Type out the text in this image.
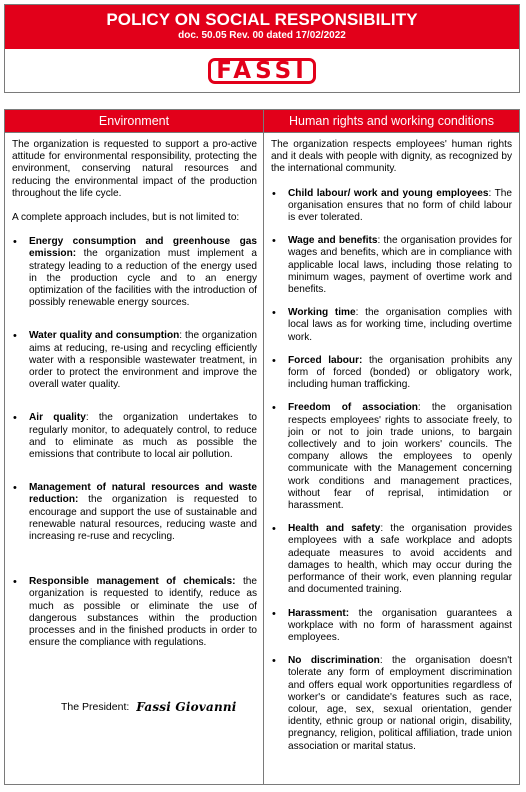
POLICY ON SOCIAL RESPONSIBILITY
doc. 50.05 Rev. 00 dated 17/02/2022
FASSI
Environment

The organization is requested to support a pro-active attitude for environmental responsibility, protecting the environment, conserving natural resources and reducing the environmental impact of the production throughout the life cycle.

A complete approach includes, but is not limited to:

• Energy consumption and greenhouse gas emission: the organization must implement a strategy leading to a reduction of the energy used in the production cycle and to an energy optimization of the facilities with the introduction of possibly renewable energy sources.
• Water quality and consumption: the organization aims at reducing, re-using and recycling efficiently water with a responsible wastewater treatment, in order to protect the environment and improve the overall water quality.
• Air quality: the organization undertakes to regularly monitor, to adequately control, to reduce and to eliminate as much as possible the emissions that contribute to local air pollution.
• Management of natural resources and waste reduction: the organization is requested to encourage and support the use of sustainable and renewable natural resources, reducing waste and increasing re-ruse and recycling.
• Responsible management of chemicals: the organization is requested to identify, reduce as much as possible or eliminate the use of dangerous substances within the production processes and in the finished products in order to ensure the compliance with regulations.
Human rights and working conditions

The organization respects employees' human rights and it deals with people with dignity, as recognized by the international community.

• Child labour/ work and young employees: The organisation ensures that no form of child labour is ever tolerated.
• Wage and benefits: the organisation provides for wages and benefits, which are in compliance with applicable local laws, including those relating to minimum wages, payment of overtime work and benefits.
• Working time: the organisation complies with local laws as for working time, including overtime work.
• Forced labour: the organisation prohibits any form of forced (bonded) or obligatory work, including human trafficking.
• Freedom of association: the organisation respects employees' rights to associate freely, to join or not to join trade unions, to bargain collectively and to join workers' councils. The company allows the employees to openly communicate with the Management concerning work conditions and management practices, without fear of reprisal, intimidation or harassment.
• Health and safety: the organisation provides employees with a safe workplace and adopts adequate measures to avoid accidents and damages to health, which may occur during the performance of their work, even planning regular and documented training.
• Harassment: the organisation guarantees a workplace with no form of harassment against employees.
• No discrimination: the organisation doesn't tolerate any form of employment discrimination and offers equal work opportunities regardless of worker's or candidate's features such as race, colour, age, sex, sexual orientation, gender identity, ethnic group or national origin, disability, pregnancy, religion, political affiliation, trade union association or marital status.
The President: Fassi Giovanni
